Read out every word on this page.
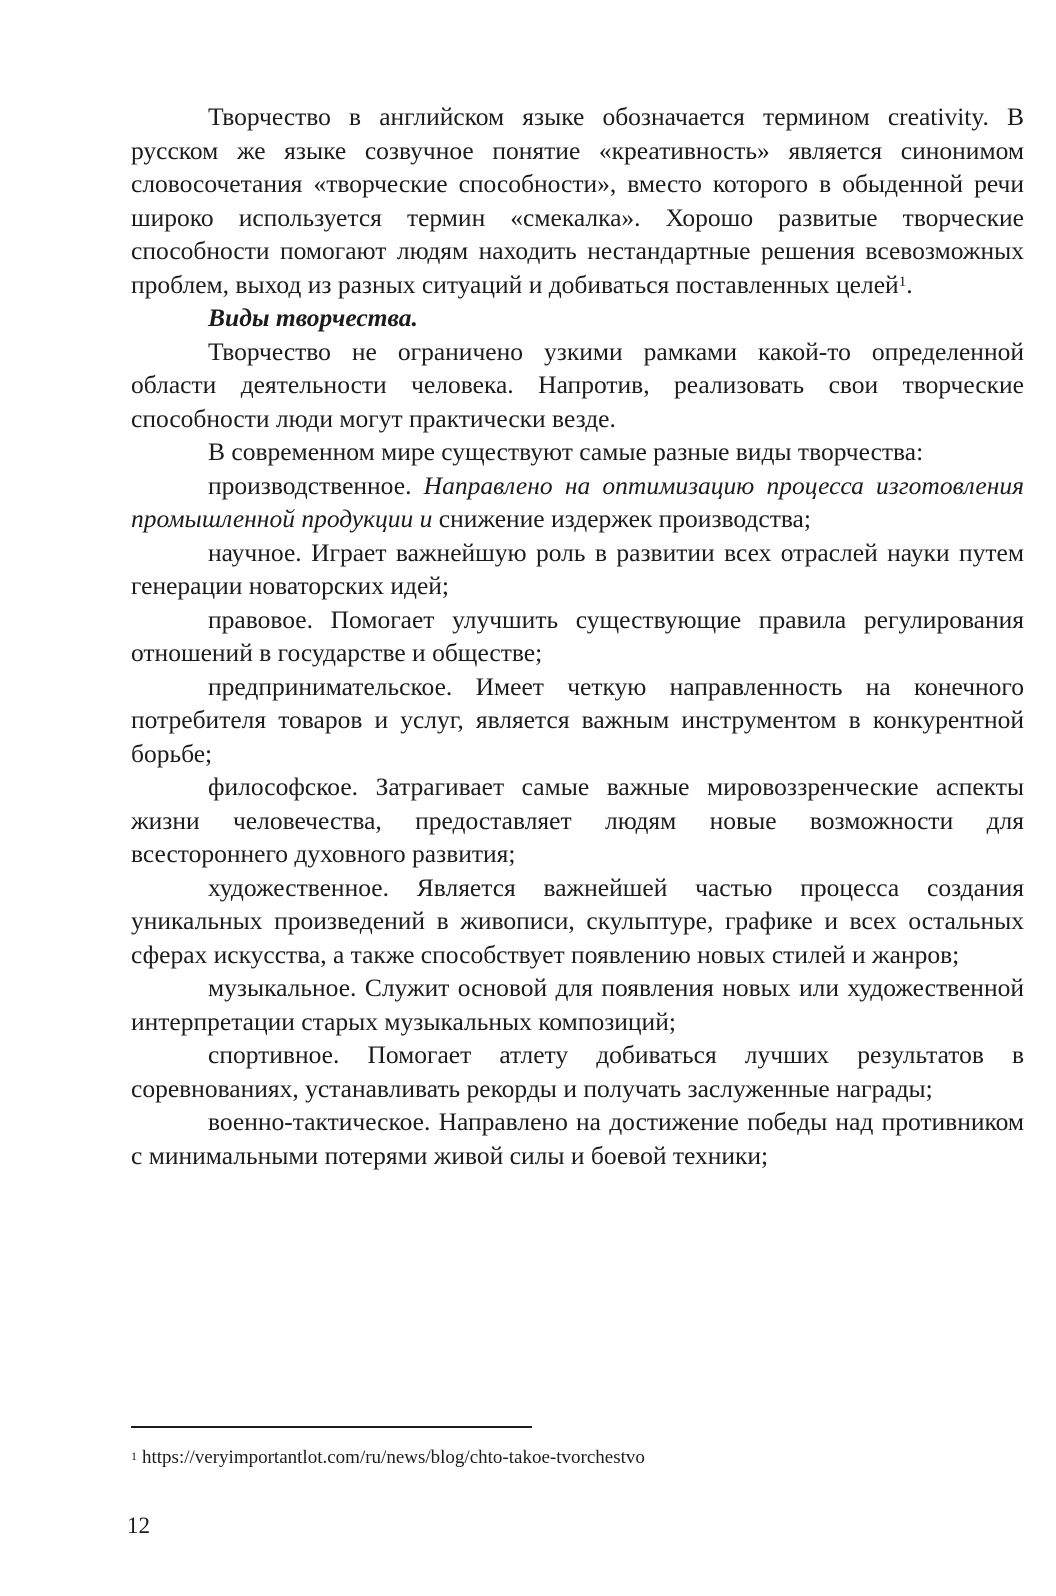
Творчество в английском языке обозначается термином creativity. В русском же языке созвучное понятие «креативность» является синонимом словосочетания «творческие способности», вместо которого в обыденной речи широко используется термин «смекалка». Хорошо развитые творческие способности помогают людям находить нестандартные решения всевозможных проблем, выход из разных ситуаций и добиваться поставленных целей$^1$.

Виды творчества.

Творчество не ограничено узкими рамками какой-то определенной области деятельности человека. Напротив, реализовать свои творческие способности люди могут практически везде.

В современном мире существуют самые разные виды творчества:

производственное. Направлено на оптимизацию процесса изготовления промышленной продукции и снижение издержек производства;

научное. Играет важнейшую роль в развитии всех отраслей науки путем генерации новаторских идей;

правовое. Помогает улучшить существующие правила регулирования отношений в государстве и обществе;

предпринимательское. Имеет четкую направленность на конечного потребителя товаров и услуг, является важным инструментом в конкурентной борьбе;

философское. Затрагивает самые важные мировоззренческие аспекты жизни человечества, предоставляет людям новые возможности для всестороннего духовного развития;

художественное. Является важнейшей частью процесса создания уникальных произведений в живописи, скульптуре, графике и всех остальных сферах искусства, а также способствует появлению новых стилей и жанров;

музыкальное. Служит основой для появления новых или художественной интерпретации старых музыкальных композиций;

спортивное. Помогает атлету добиваться лучших результатов в соревнованиях, устанавливать рекорды и получать заслуженные награды;

военно-тактическое. Направлено на достижение победы над противником с минимальными потерями живой силы и боевой техники;

$^1$ https://veryimportantlot.com/ru/news/blog/chto-takoe-tvorchestvo
12
